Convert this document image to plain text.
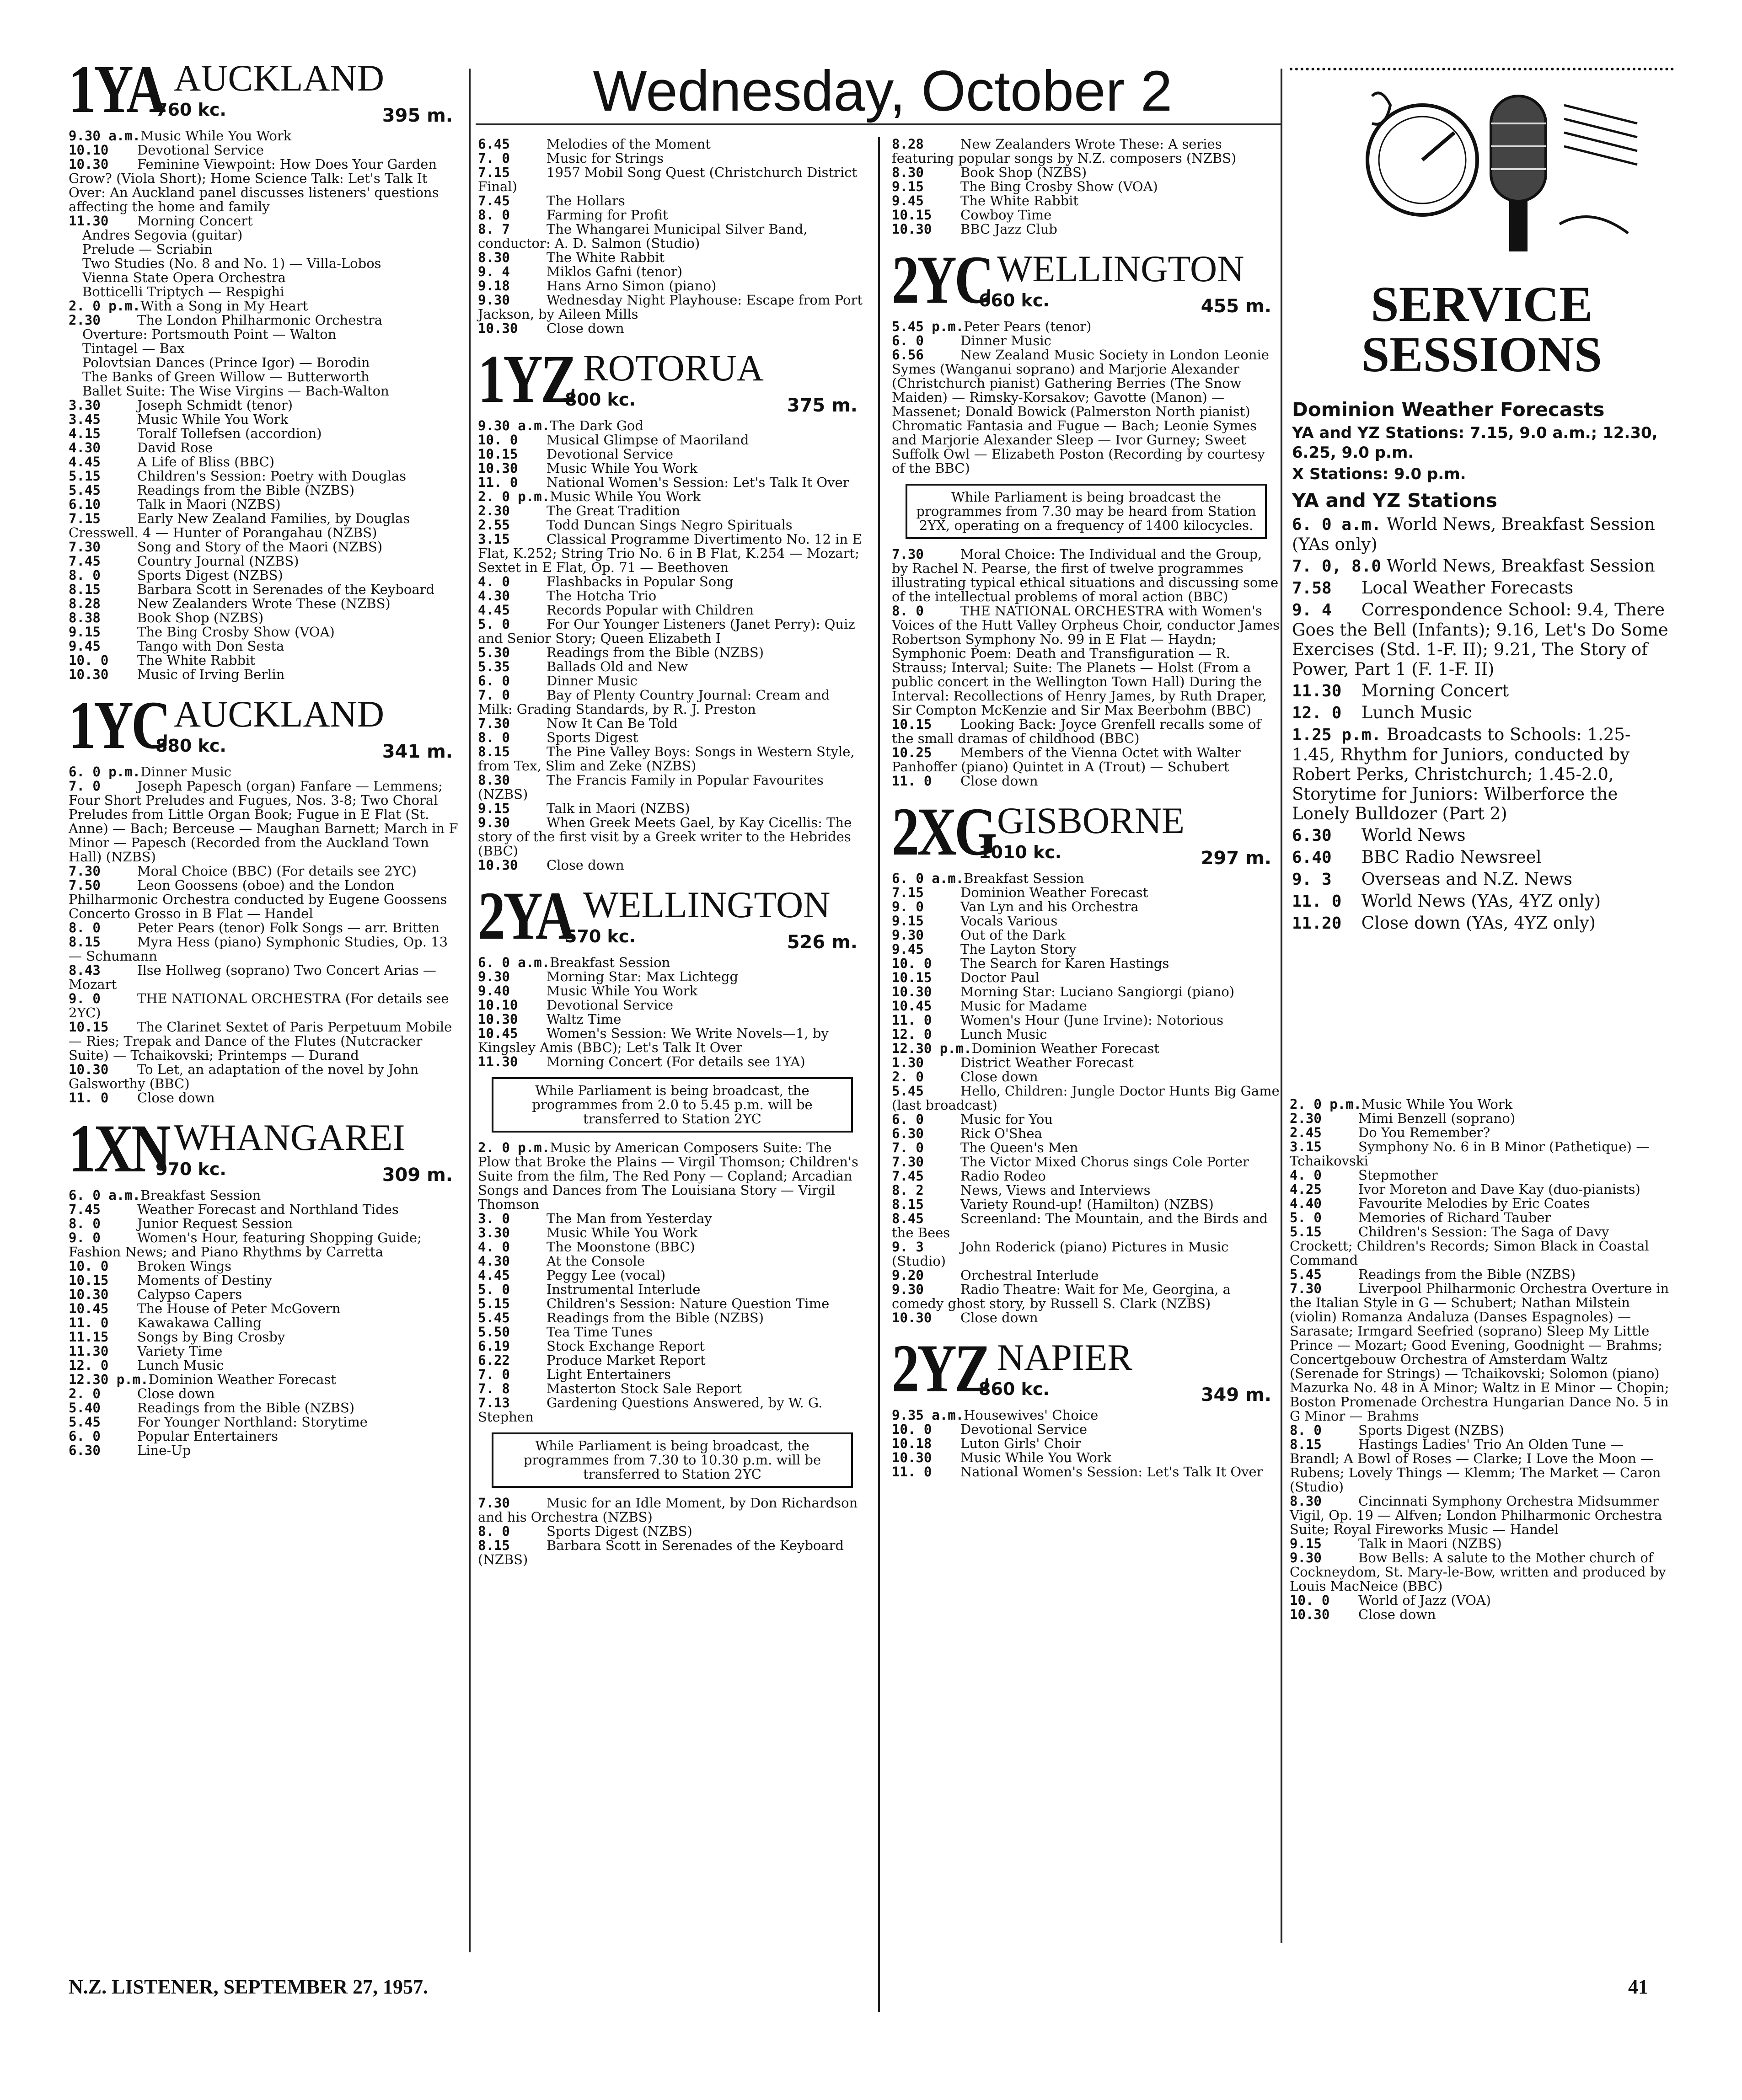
Wednesday, October 2
1YA AUCKLAND
760 kc.	395 m.

9.30 a.m.Music While You Work

10.10 Devotional Service

10.30 Feminine Viewpoint: How Does Your Garden Grow? (Viola Short); Home Science Talk: Let's Talk It Over: An Auckland panel discusses listeners' questions affecting the home and family

11.30 Morning Concert

Andres Segovia (guitar)

Prelude — Scriabin

Two Studies (No. 8 and No. 1) — Villa-Lobos

Vienna State Opera Orchestra

Botticelli Triptych — Respighi

2. 0 p.m.With a Song in My Heart

2.30	The London Philharmonic Orchestra

Overture: Portsmouth Point — Walton

Tintagel — Bax

Polovtsian Dances (Prince Igor) — Borodin

The Banks of Green Willow — Butterworth

Ballet Suite: The Wise Virgins — Bach-Walton

3.30	Joseph Schmidt (tenor)

3.45	Music While You Work

4.15	Toralf Tollefsen (accordion)

4.30	David Rose

4.45	A Life of Bliss (BBC)

5.15	Children's Session: Poetry with Douglas

5.45	Readings from the Bible (NZBS)

6.10	Talk in Maori (NZBS)

7.15	Early New Zealand Families, by Douglas Cresswell. 4 — Hunter of Porangahau (NZBS)

7.30	Song and Story of the Maori (NZBS)

7.45	Country Journal (NZBS)

8. 0	Sports Digest (NZBS)

8.15	Barbara Scott in Serenades of the Keyboard

8.28	New Zealanders Wrote These (NZBS)

8.38	Book Shop (NZBS)

9.15	The Bing Crosby Show (VOA)

9.45	Tango with Don Sesta

10. 0 The White Rabbit

10.30 Music of Irving Berlin

1YC AUCKLAND
880 kc.	341 m.

6. 0 p.m.Dinner Music

7. 0	Joseph Papesch (organ) Fanfare — Lemmens; Four Short Preludes and Fugues, Nos. 3-8; Two Choral Preludes from Little Organ Book; Fugue in E Flat (St. Anne) — Bach; Berceuse — Maughan Barnett; March in F Minor — Papesch (Recorded from the Auckland Town Hall) (NZBS)

7.30	Moral Choice (BBC) (For details see 2YC)

7.50	Leon Goossens (oboe) and the London Philharmonic Orchestra conducted by Eugene Goossens Concerto Grosso in B Flat — Handel

8. 0	Peter Pears (tenor) Folk Songs — arr. Britten

8.15	Myra Hess (piano) Symphonic Studies, Op. 13 — Schumann

8.43	Ilse Hollweg (soprano) Two Concert Arias — Mozart

9. 0	THE NATIONAL ORCHESTRA (For details see 2YC)

10.15 The Clarinet Sextet of Paris Perpetuum Mobile — Ries; Trepak and Dance of the Flutes (Nutcracker Suite) — Tchaikovski; Printemps — Durand

10.30 To Let, an adaptation of the novel by John Galsworthy (BBC)

11. 0 Close down

1XN WHANGAREI
970 kc.	309 m.

6. 0 a.m.Breakfast Session

7.45	Weather Forecast and Northland Tides

8. 0	Junior Request Session

9. 0	Women's Hour, featuring Shopping Guide; Fashion News; and Piano Rhythms by Carretta

10. 0 Broken Wings

10.15 Moments of Destiny

10.30 Calypso Capers

10.45 The House of Peter McGovern

11. 0 Kawakawa Calling

11.15 Songs by Bing Crosby

11.30 Variety Time

12. 0 Lunch Music

12.30 p.m.Dominion Weather Forecast

2. 0	Close down

5.40	Readings from the Bible (NZBS)

5.45	For Younger Northland: Storytime

6. 0	Popular Entertainers

6.30	Line-Up

6.45	Melodies of the Moment

7. 0	Music for Strings

7.15	1957 Mobil Song Quest (Christchurch District Final)

7.45	The Hollars

8. 0	Farming for Profit

8. 7	The Whangarei Municipal Silver Band, conductor: A. D. Salmon (Studio)

8.30	The White Rabbit

9. 4	Miklos Gafni (tenor)

9.18	Hans Arno Simon (piano)

9.30	Wednesday Night Playhouse: Escape from Port Jackson, by Aileen Mills

10.30 Close down

1YZ ROTORUA
800 kc.	375 m.

9.30 a.m.The Dark God

10. 0 Musical Glimpse of Maoriland

10.15 Devotional Service

10.30 Music While You Work

11. 0 National Women's Session: Let's Talk It Over

2. 0 p.m.Music While You Work

2.30	The Great Tradition

2.55	Todd Duncan Sings Negro Spirituals

3.15	Classical Programme Divertimento No. 12 in E Flat, K.252; String Trio No. 6 in B Flat, K.254 — Mozart; Sextet in E Flat, Op. 71 — Beethoven

4. 0	Flashbacks in Popular Song

4.30	The Hotcha Trio

4.45	Records Popular with Children

5. 0	For Our Younger Listeners (Janet Perry): Quiz and Senior Story; Queen Elizabeth I

5.30	Readings from the Bible (NZBS)

5.35	Ballads Old and New

6. 0	Dinner Music

7. 0	Bay of Plenty Country Journal: Cream and Milk: Grading Standards, by R. J. Preston

7.30	Now It Can Be Told

8. 0	Sports Digest

8.15	The Pine Valley Boys: Songs in Western Style, from Tex, Slim and Zeke (NZBS)

8.30	The Francis Family in Popular Favourites (NZBS)

9.15	Talk in Maori (NZBS)

9.30	When Greek Meets Gael, by Kay Cicellis: The story of the first visit by a Greek writer to the Hebrides (BBC)

10.30 Close down

2YA WELLINGTON
570 kc.	526 m.

6. 0 a.m.Breakfast Session

9.30	Morning Star: Max Lichtegg

9.40	Music While You Work

10.10 Devotional Service

10.30 Waltz Time

10.45 Women's Session: We Write Novels—1, by Kingsley Amis (BBC); Let's Talk It Over

11.30 Morning Concert (For details see 1YA)

While Parliament is being broadcast, the programmes from 2.0 to 5.45 p.m. will be transferred to Station 2YC

2. 0 p.m.Music by American Composers Suite: The Plow that Broke the Plains — Virgil Thomson; Children's Suite from the film, The Red Pony — Copland; Arcadian Songs and Dances from The Louisiana Story — Virgil Thomson

3. 0	The Man from Yesterday

3.30	Music While You Work

4. 0	The Moonstone (BBC)

4.30	At the Console

4.45	Peggy Lee (vocal)

5. 0	Instrumental Interlude

5.15	Children's Session: Nature Question Time

5.45	Readings from the Bible (NZBS)

5.50	Tea Time Tunes

6.19	Stock Exchange Report

6.22	Produce Market Report

7. 0	Light Entertainers

7. 8	Masterton Stock Sale Report

7.13	Gardening Questions Answered, by W. G. Stephen

While Parliament is being broadcast, the programmes from 7.30 to 10.30 p.m. will be transferred to Station 2YC

7.30	Music for an Idle Moment, by Don Richardson and his Orchestra (NZBS)

8. 0	Sports Digest (NZBS)

8.15	Barbara Scott in Serenades of the Keyboard (NZBS)

8.28	New Zealanders Wrote These: A series featuring popular songs by N.Z. composers (NZBS)

8.30	Book Shop (NZBS)

9.15	The Bing Crosby Show (VOA)

9.45	The White Rabbit

10.15 Cowboy Time

10.30 BBC Jazz Club

2YC WELLINGTON
660 kc.	455 m.

5.45 p.m.Peter Pears (tenor)

6. 0	Dinner Music

6.56	New Zealand Music Society in London Leonie Symes (Wanganui soprano) and Marjorie Alexander (Christchurch pianist) Gathering Berries (The Snow Maiden) — Rimsky-Korsakov; Gavotte (Manon) — Massenet; Donald Bowick (Palmerston North pianist) Chromatic Fantasia and Fugue — Bach; Leonie Symes and Marjorie Alexander Sleep — Ivor Gurney; Sweet Suffolk Owl — Elizabeth Poston (Recording by courtesy of the BBC)

While Parliament is being broadcast the programmes from 7.30 may be heard from Station 2YX, operating on a frequency of 1400 kilocycles.

7.30	Moral Choice: The Individual and the Group, by Rachel N. Pearse, the first of twelve programmes illustrating typical ethical situations and discussing some of the intellectual problems of moral action (BBC)

8. 0	THE NATIONAL ORCHESTRA with Women's Voices of the Hutt Valley Orpheus Choir, conductor James Robertson Symphony No. 99 in E Flat — Haydn; Symphonic Poem: Death and Transfiguration — R. Strauss; Interval; Suite: The Planets — Holst (From a public concert in the Wellington Town Hall) During the Interval: Recollections of Henry James, by Ruth Draper, Sir Compton McKenzie and Sir Max Beerbohm (BBC)

10.15 Looking Back: Joyce Grenfell recalls some of the small dramas of childhood (BBC)

10.25 Members of the Vienna Octet with Walter Panhoffer (piano) Quintet in A (Trout) — Schubert

11. 0 Close down

2XG GISBORNE
1010 kc.	297 m.

6. 0 a.m.Breakfast Session

7.15	Dominion Weather Forecast

9. 0	Van Lyn and his Orchestra

9.15	Vocals Various

9.30	Out of the Dark

9.45	The Layton Story

10. 0 The Search for Karen Hastings

10.15 Doctor Paul

10.30 Morning Star: Luciano Sangiorgi (piano)

10.45 Music for Madame

11. 0 Women's Hour (June Irvine): Notorious

12. 0 Lunch Music

12.30 p.m.Dominion Weather Forecast

1.30	District Weather Forecast

2. 0	Close down

5.45	Hello, Children: Jungle Doctor Hunts Big Game (last broadcast)

6. 0	Music for You

6.30	Rick O'Shea

7. 0	The Queen's Men

7.30	The Victor Mixed Chorus sings Cole Porter

7.45	Radio Rodeo

8. 2	News, Views and Interviews

8.15	Variety Round-up! (Hamilton) (NZBS)

8.45	Screenland: The Mountain, and the Birds and the Bees

9. 3	John Roderick (piano) Pictures in Music (Studio)

9.20	Orchestral Interlude

9.30	Radio Theatre: Wait for Me, Georgina, a comedy ghost story, by Russell S. Clark (NZBS)

10.30 Close down

2YZ NAPIER
860 kc.	349 m.

9.35 a.m.Housewives' Choice

10. 0 Devotional Service

10.18 Luton Girls' Choir

10.30 Music While You Work

11. 0 National Women's Session: Let's Talk It Over

SERVICE
SESSIONS
Dominion Weather Forecasts
YA and YZ Stations: 7.15, 9.0 a.m.; 12.30, 6.25, 9.0 p.m.
X Stations: 9.0 p.m.
YA and YZ Stations

6. 0 a.m. World News, Breakfast Session (YAs only)

7. 0, 8.0 World News, Breakfast Session

7.58 Local Weather Forecasts

9. 4 Correspondence School: 9.4, There Goes the Bell (Infants); 9.16, Let's Do Some Exercises (Std. 1-F. II); 9.21, The Story of Power, Part 1 (F. 1-F. II)

11.30 Morning Concert

12. 0 Lunch Music

1.25 p.m. Broadcasts to Schools: 1.25-1.45, Rhythm for Juniors, conducted by Robert Perks, Christchurch; 1.45-2.0, Storytime for Juniors: Wilberforce the Lonely Bulldozer (Part 2)

6.30 World News

6.40 BBC Radio Newsreel

9. 3 Overseas and N.Z. News

11. 0 World News (YAs, 4YZ only)

11.20 Close down (YAs, 4YZ only)

2. 0 p.m.Music While You Work

2.30	Mimi Benzell (soprano)

2.45	Do You Remember?

3.15	Symphony No. 6 in B Minor (Pathetique) — Tchaikovski

4. 0	Stepmother

4.25	Ivor Moreton and Dave Kay (duo-pianists)

4.40	Favourite Melodies by Eric Coates

5. 0	Memories of Richard Tauber

5.15	Children's Session: The Saga of Davy Crockett; Children's Records; Simon Black in Coastal Command

5.45	Readings from the Bible (NZBS)

7.30	Liverpool Philharmonic Orchestra Overture in the Italian Style in G — Schubert; Nathan Milstein (violin) Romanza Andaluza (Danses Espagnoles) — Sarasate; Irmgard Seefried (soprano) Sleep My Little Prince — Mozart; Good Evening, Goodnight — Brahms; Concertgebouw Orchestra of Amsterdam Waltz (Serenade for Strings) — Tchaikovski; Solomon (piano) Mazurka No. 48 in A Minor; Waltz in E Minor — Chopin; Boston Promenade Orchestra Hungarian Dance No. 5 in G Minor — Brahms

8. 0	Sports Digest (NZBS)

8.15	Hastings Ladies' Trio An Olden Tune — Brandl; A Bowl of Roses — Clarke; I Love the Moon — Rubens; Lovely Things — Klemm; The Market — Caron (Studio)

8.30	Cincinnati Symphony Orchestra Midsummer Vigil, Op. 19 — Alfven; London Philharmonic Orchestra Suite; Royal Fireworks Music — Handel

9.15	Talk in Maori (NZBS)

9.30	Bow Bells: A salute to the Mother church of Cockneydom, St. Mary-le-Bow, written and produced by Louis MacNeice (BBC)

10. 0 World of Jazz (VOA)

10.30 Close down

N.Z. LISTENER, SEPTEMBER 27, 1957.	41
